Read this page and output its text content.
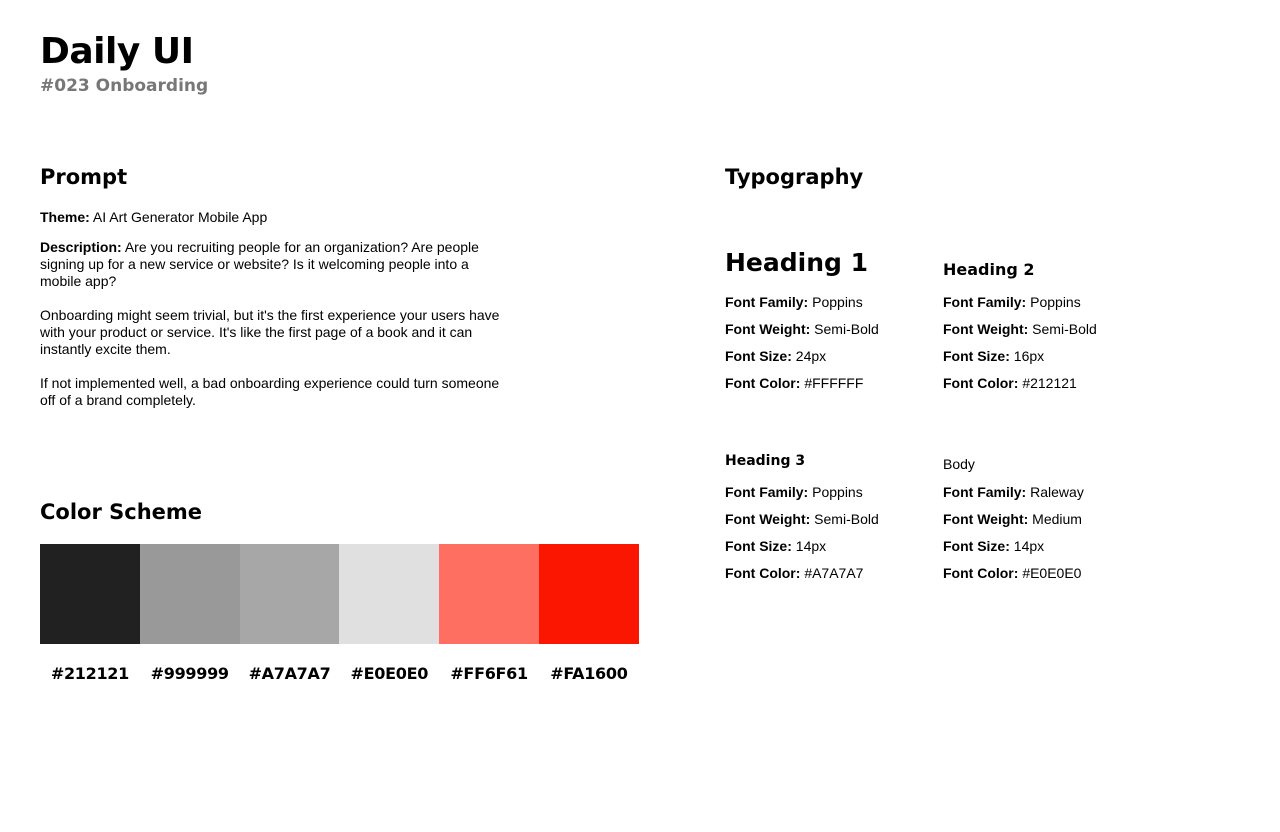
Daily UI

#023 Onboarding

Prompt

Theme: AI Art Generator Mobile App

Description: Are you recruiting people for an organization? Are people signing up for a new service or website? Is it welcoming people into a mobile app?

Onboarding might seem trivial, but it's the first experience your users have with your product or service. It's like the first page of a book and it can instantly excite them.

If not implemented well, a bad onboarding experience could turn someone off of a brand completely.

Color Scheme
#212121 #999999 #A7A7A7 #E0E0E0 #FF6F61 #FA1600
Typography

Heading 1

Font Family: Poppins

Font Weight: Semi-Bold

Font Size: 24px

Font Color: #FFFFFF

Heading 2

Font Family: Poppins

Font Weight: Semi-Bold

Font Size: 16px

Font Color: #212121

Heading 3

Font Family: Poppins

Font Weight: Semi-Bold

Font Size: 14px

Font Color: #A7A7A7

Body

Font Family: Raleway

Font Weight: Medium

Font Size: 14px

Font Color: #E0E0E0
